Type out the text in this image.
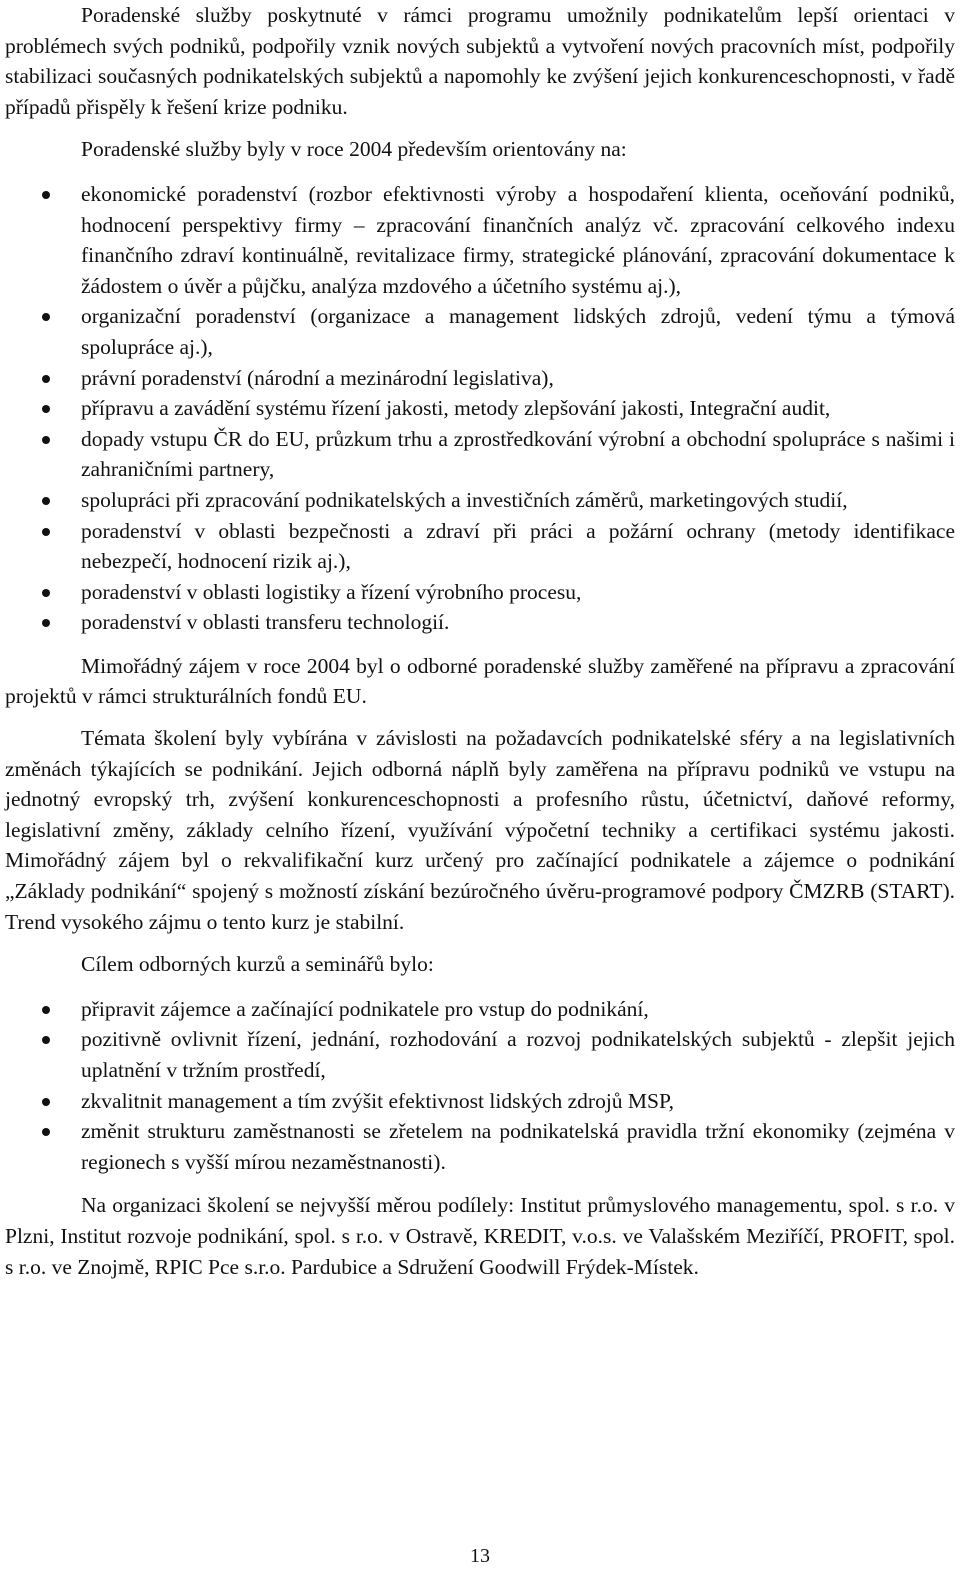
Poradenské služby poskytnuté v rámci programu umožnily podnikatelům lepší orientaci v problémech svých podniků, podpořily vznik nových subjektů a vytvoření nových pracovních míst, podpořily stabilizaci současných podnikatelských subjektů a napomohly ke zvýšení jejich konkurenceschopnosti, v řadě případů přispěly k řešení krize podniku.

Poradenské služby byly v roce 2004 především orientovány na:

ekonomické poradenství (rozbor efektivnosti výroby a hospodaření klienta, oceňování podniků, hodnocení perspektivy firmy – zpracování finančních analýz vč. zpracování celkového indexu finančního zdraví kontinuálně, revitalizace firmy, strategické plánování, zpracování dokumentace k žádostem o úvěr a půjčku, analýza mzdového a účetního systému aj.),
organizační poradenství (organizace a management lidských zdrojů, vedení týmu a týmová spolupráce aj.),
právní poradenství (národní a mezinárodní legislativa),
přípravu a zavádění systému řízení jakosti, metody zlepšování jakosti, Integrační audit,
dopady vstupu ČR do EU, průzkum trhu a zprostředkování výrobní a obchodní spolupráce s našimi i zahraničními partnery,
spolupráci při zpracování podnikatelských a investičních záměrů, marketingových studií,
poradenství v oblasti bezpečnosti a zdraví při práci a požární ochrany (metody identifikace nebezpečí, hodnocení rizik aj.),
poradenství v oblasti logistiky a řízení výrobního procesu,
poradenství v oblasti transferu technologií.

Mimořádný zájem v roce 2004 byl o odborné poradenské služby zaměřené na přípravu a zpracování projektů v rámci strukturálních fondů EU.

Témata školení byly vybírána v závislosti na požadavcích podnikatelské sféry a na legislativních změnách týkajících se podnikání. Jejich odborná náplň byly zaměřena na přípravu podniků ve vstupu na jednotný evropský trh, zvýšení konkurenceschopnosti a profesního růstu, účetnictví, daňové reformy, legislativní změny, základy celního řízení, využívání výpočetní techniky a certifikaci systému jakosti. Mimořádný zájem byl o rekvalifikační kurz určený pro začínající podnikatele a zájemce o podnikání „Základy podnikání“ spojený s možností získání bezúročného úvěru-programové podpory ČMZRB (START). Trend vysokého zájmu o tento kurz je stabilní.

Cílem odborných kurzů a seminářů bylo:

připravit zájemce a začínající podnikatele pro vstup do podnikání,
pozitivně ovlivnit řízení, jednání, rozhodování a rozvoj podnikatelských subjektů - zlepšit jejich uplatnění v tržním prostředí,
zkvalitnit management a tím zvýšit efektivnost lidských zdrojů MSP,
změnit strukturu zaměstnanosti se zřetelem na podnikatelská pravidla tržní ekonomiky (zejména v regionech s vyšší mírou nezaměstnanosti).

Na organizaci školení se nejvyšší měrou podílely: Institut průmyslového managementu, spol. s r.o. v Plzni, Institut rozvoje podnikání, spol. s r.o. v Ostravě, KREDIT, v.o.s. ve Valašském Meziříčí, PROFIT, spol. s r.o. ve Znojmě, RPIC Pce s.r.o. Pardubice a Sdružení Goodwill Frýdek-Místek.

13
